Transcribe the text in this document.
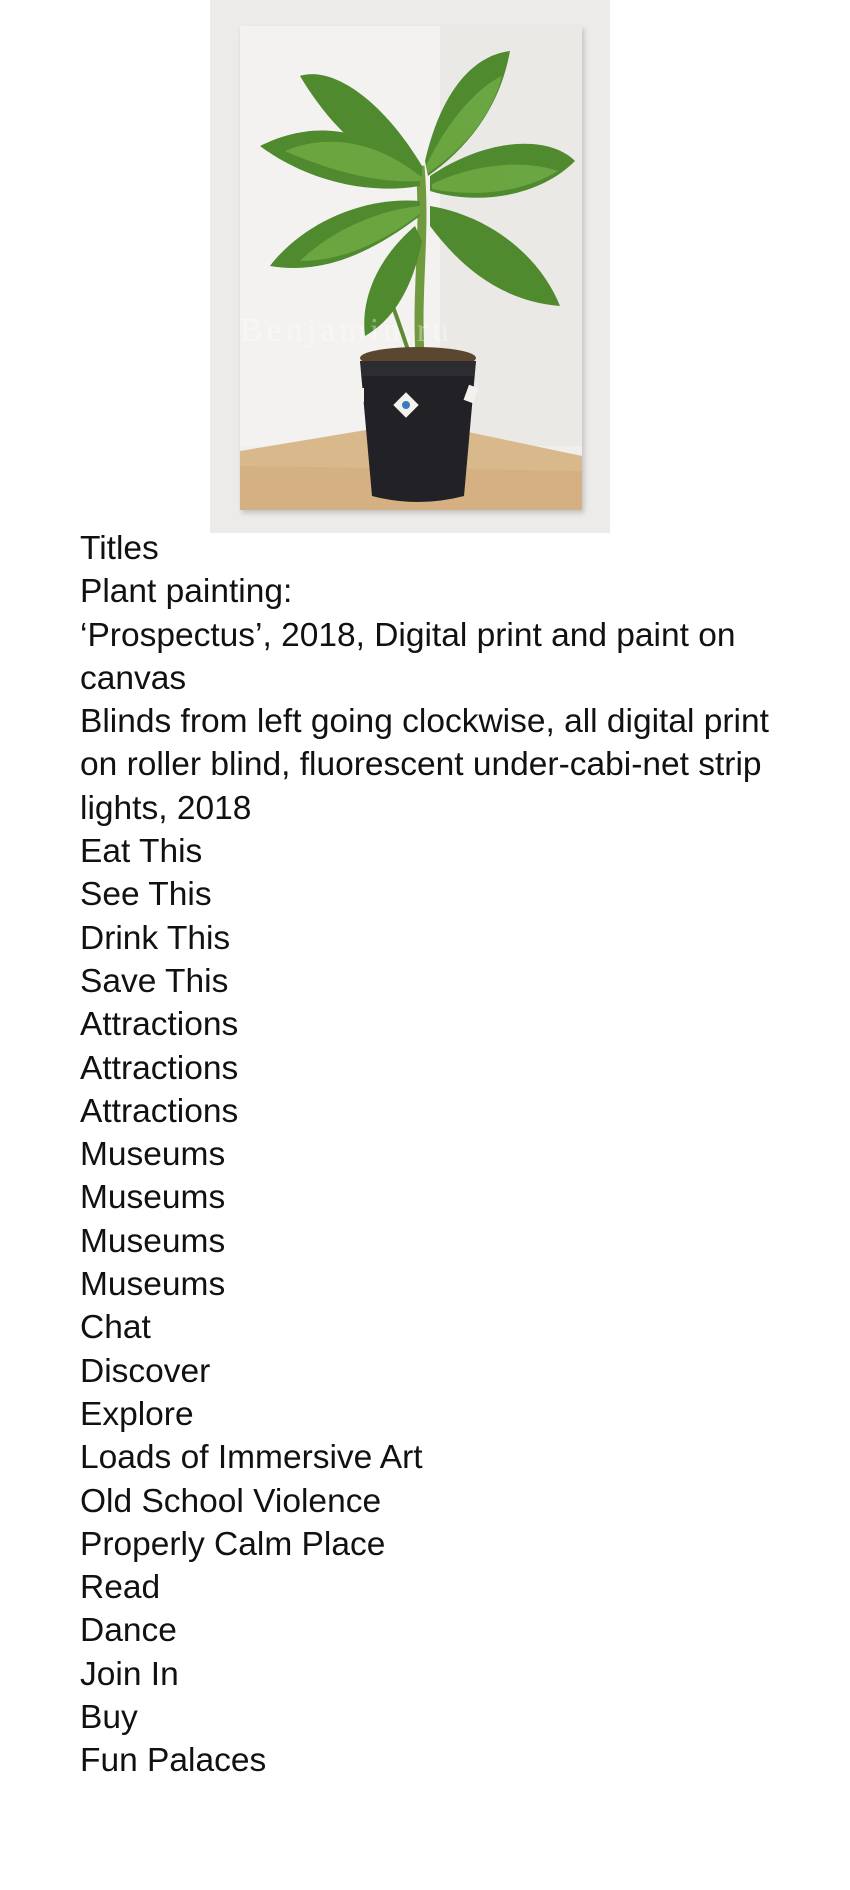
Benjamin.ru
Titles
Plant painting:
‘Prospectus’, 2018, Digital print and paint on canvas
Blinds from left going clockwise, all digital print on roller blind, fluorescent under-cabi-net strip lights, 2018
Eat This
See This
Drink This
Save This
Attractions
Attractions
Attractions
Museums
Museums
Museums
Museums
Chat
Discover
Explore
Loads of Immersive Art
Old School Violence
Properly Calm Place
Read
Dance
Join In
Buy
Fun Palaces
